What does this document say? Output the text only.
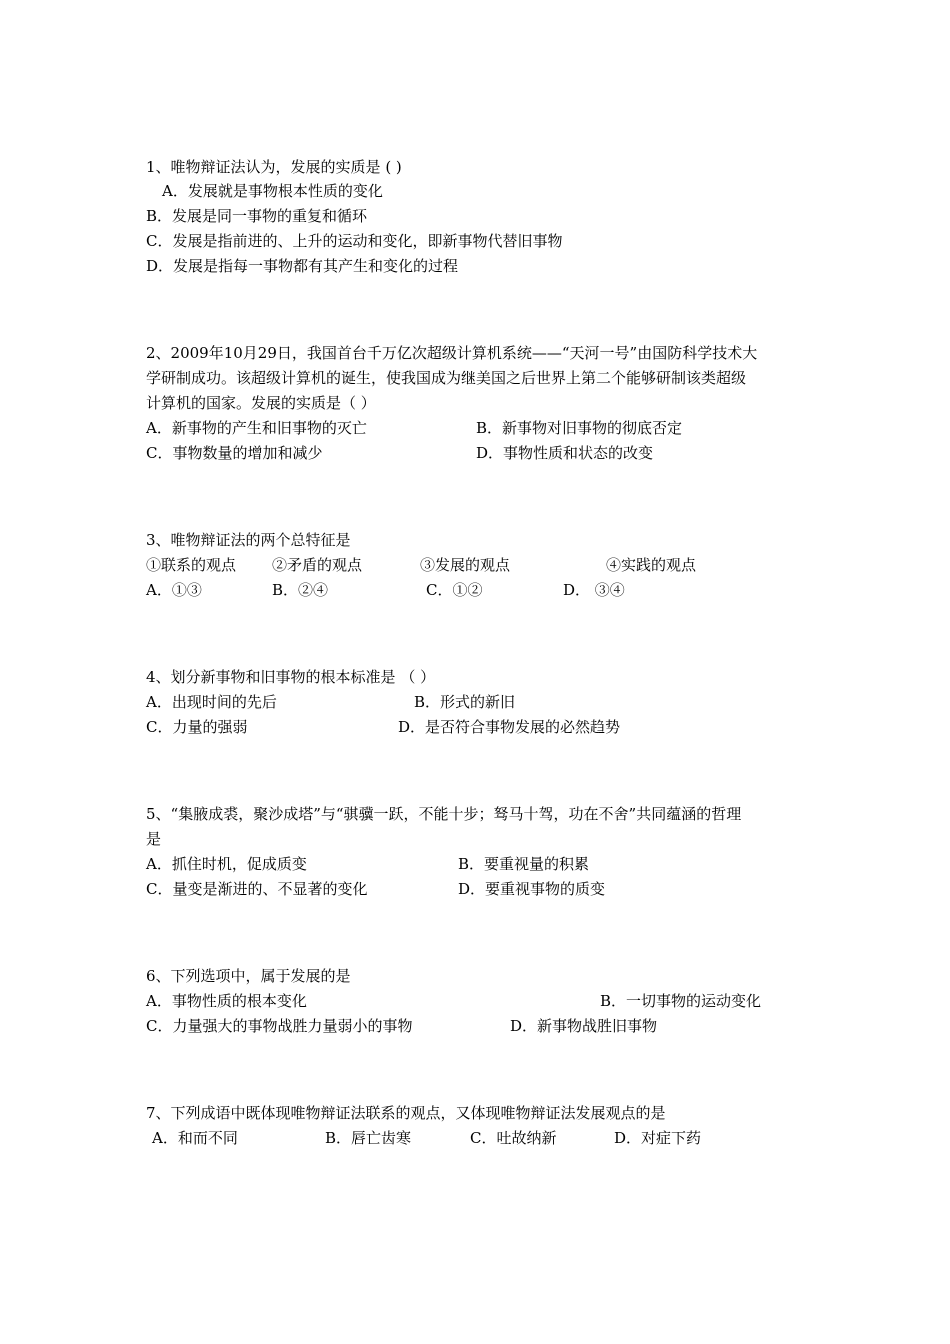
1、唯物辩证法认为，发展的实质是 ( )
A．发展就是事物根本性质的变化
B．发展是同一事物的重复和循环
C．发展是指前进的、上升的运动和变化，即新事物代替旧事物
D．发展是指每一事物都有其产生和变化的过程
2、2009年10月29日，我国首台千万亿次超级计算机系统——“天河一号”由国防科学技术大
学研制成功。该超级计算机的诞生，使我国成为继美国之后世界上第二个能够研制该类超级
计算机的国家。发展的实质是（ ）
A．新事物的产生和旧事物的灭亡	B．新事物对旧事物的彻底否定
C．事物数量的增加和减少	D．事物性质和状态的改变
3、唯物辩证法的两个总特征是
①联系的观点 ②矛盾的观点	③发展的观点	④实践的观点
A．①③	B．②④	C．①②	D． ③④
4、划分新事物和旧事物的根本标准是 （ ）
A．出现时间的先后	B．形式的新旧
C．力量的强弱	D．是否符合事物发展的必然趋势
5、“集腋成裘，聚沙成塔”与“骐骥一跃，不能十步；驽马十驾，功在不舍”共同蕴涵的哲理
是
A．抓住时机，促成质变	B．要重视量的积累
C．量变是渐进的、不显著的变化	D．要重视事物的质变
6、下列选项中，属于发展的是
A．事物性质的根本变化	B．一切事物的运动变化
C．力量强大的事物战胜力量弱小的事物	D．新事物战胜旧事物
7、下列成语中既体现唯物辩证法联系的观点，又体现唯物辩证法发展观点的是
A．和而不同	B．唇亡齿寒	C．吐故纳新	D．对症下药
